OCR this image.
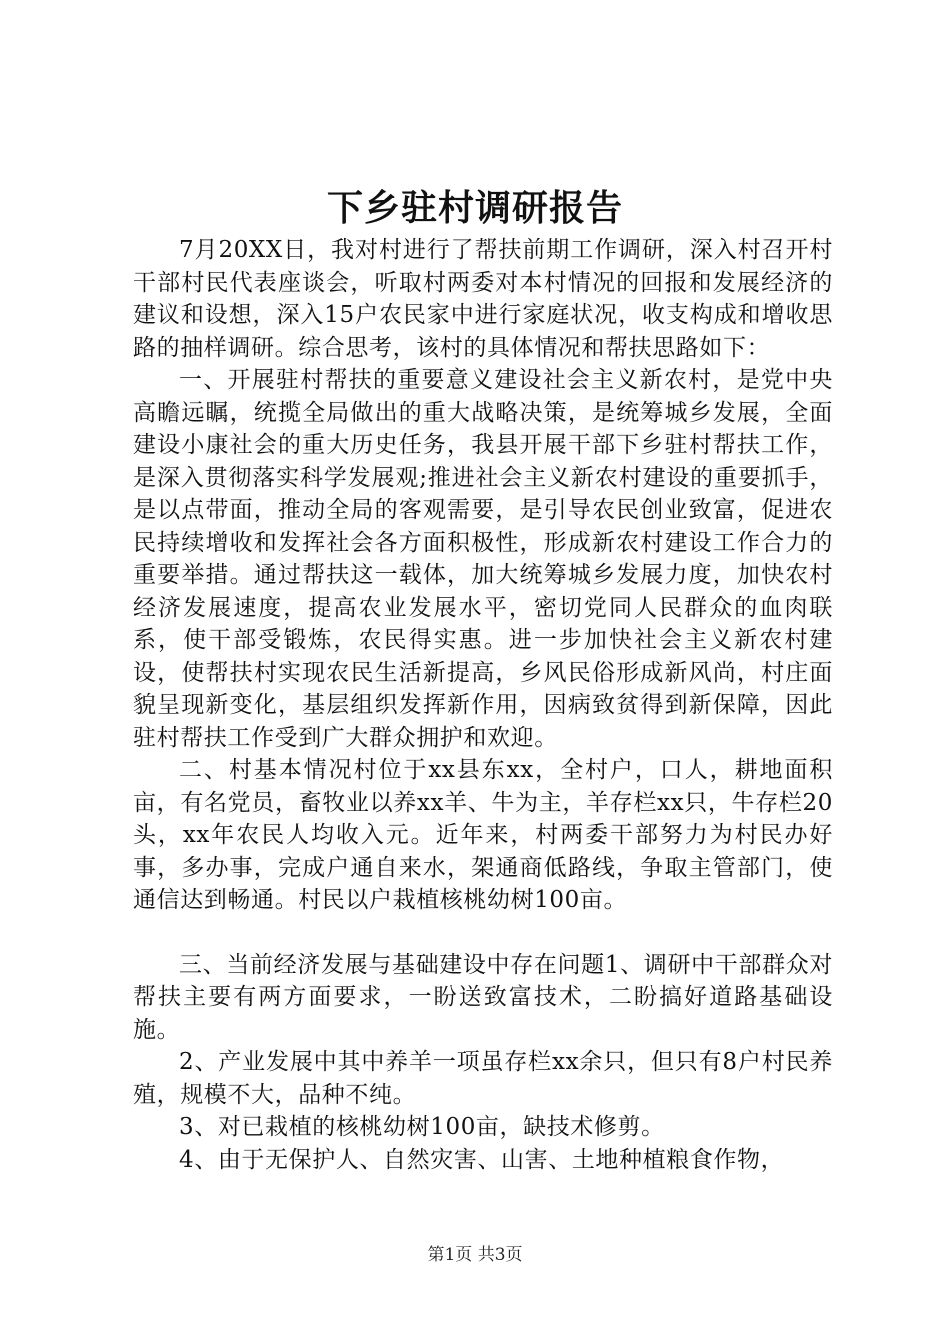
下乡驻村调研报告

7月20XX日，我对村进行了帮扶前期工作调研，深入村召开村干部村民代表座谈会，听取村两委对本村情况的回报和发展经济的建议和设想，深入15户农民家中进行家庭状况，收支构成和增收思路的抽样调研。综合思考，该村的具体情况和帮扶思路如下：

一、开展驻村帮扶的重要意义建设社会主义新农村，是党中央高瞻远瞩，统揽全局做出的重大战略决策，是统筹城乡发展，全面建设小康社会的重大历史任务，我县开展干部下乡驻村帮扶工作，是深入贯彻落实科学发展观;推进社会主义新农村建设的重要抓手，是以点带面，推动全局的客观需要，是引导农民创业致富，促进农民持续增收和发挥社会各方面积极性，形成新农村建设工作合力的重要举措。通过帮扶这一载体，加大统筹城乡发展力度，加快农村经济发展速度，提高农业发展水平，密切党同人民群众的血肉联系，使干部受锻炼，农民得实惠。进一步加快社会主义新农村建设，使帮扶村实现农民生活新提高，乡风民俗形成新风尚，村庄面貌呈现新变化，基层组织发挥新作用，因病致贫得到新保障，因此驻村帮扶工作受到广大群众拥护和欢迎。

二、村基本情况村位于xx县东xx，全村户，口人，耕地面积亩，有名党员，畜牧业以养xx羊、牛为主，羊存栏xx只，牛存栏20头，xx年农民人均收入元。近年来，村两委干部努力为村民办好事，多办事，完成户通自来水，架通商低路线，争取主管部门，使通信达到畅通。村民以户栽植核桃幼树100亩。

三、当前经济发展与基础建设中存在问题1、调研中干部群众对帮扶主要有两方面要求，一盼送致富技术，二盼搞好道路基础设施。

2、产业发展中其中养羊一项虽存栏xx余只，但只有8户村民养殖，规模不大，品种不纯。

3、对已栽植的核桃幼树100亩，缺技术修剪。

4、由于无保护人、自然灾害、山害、土地种植粮食作物，

第1页 共3页
